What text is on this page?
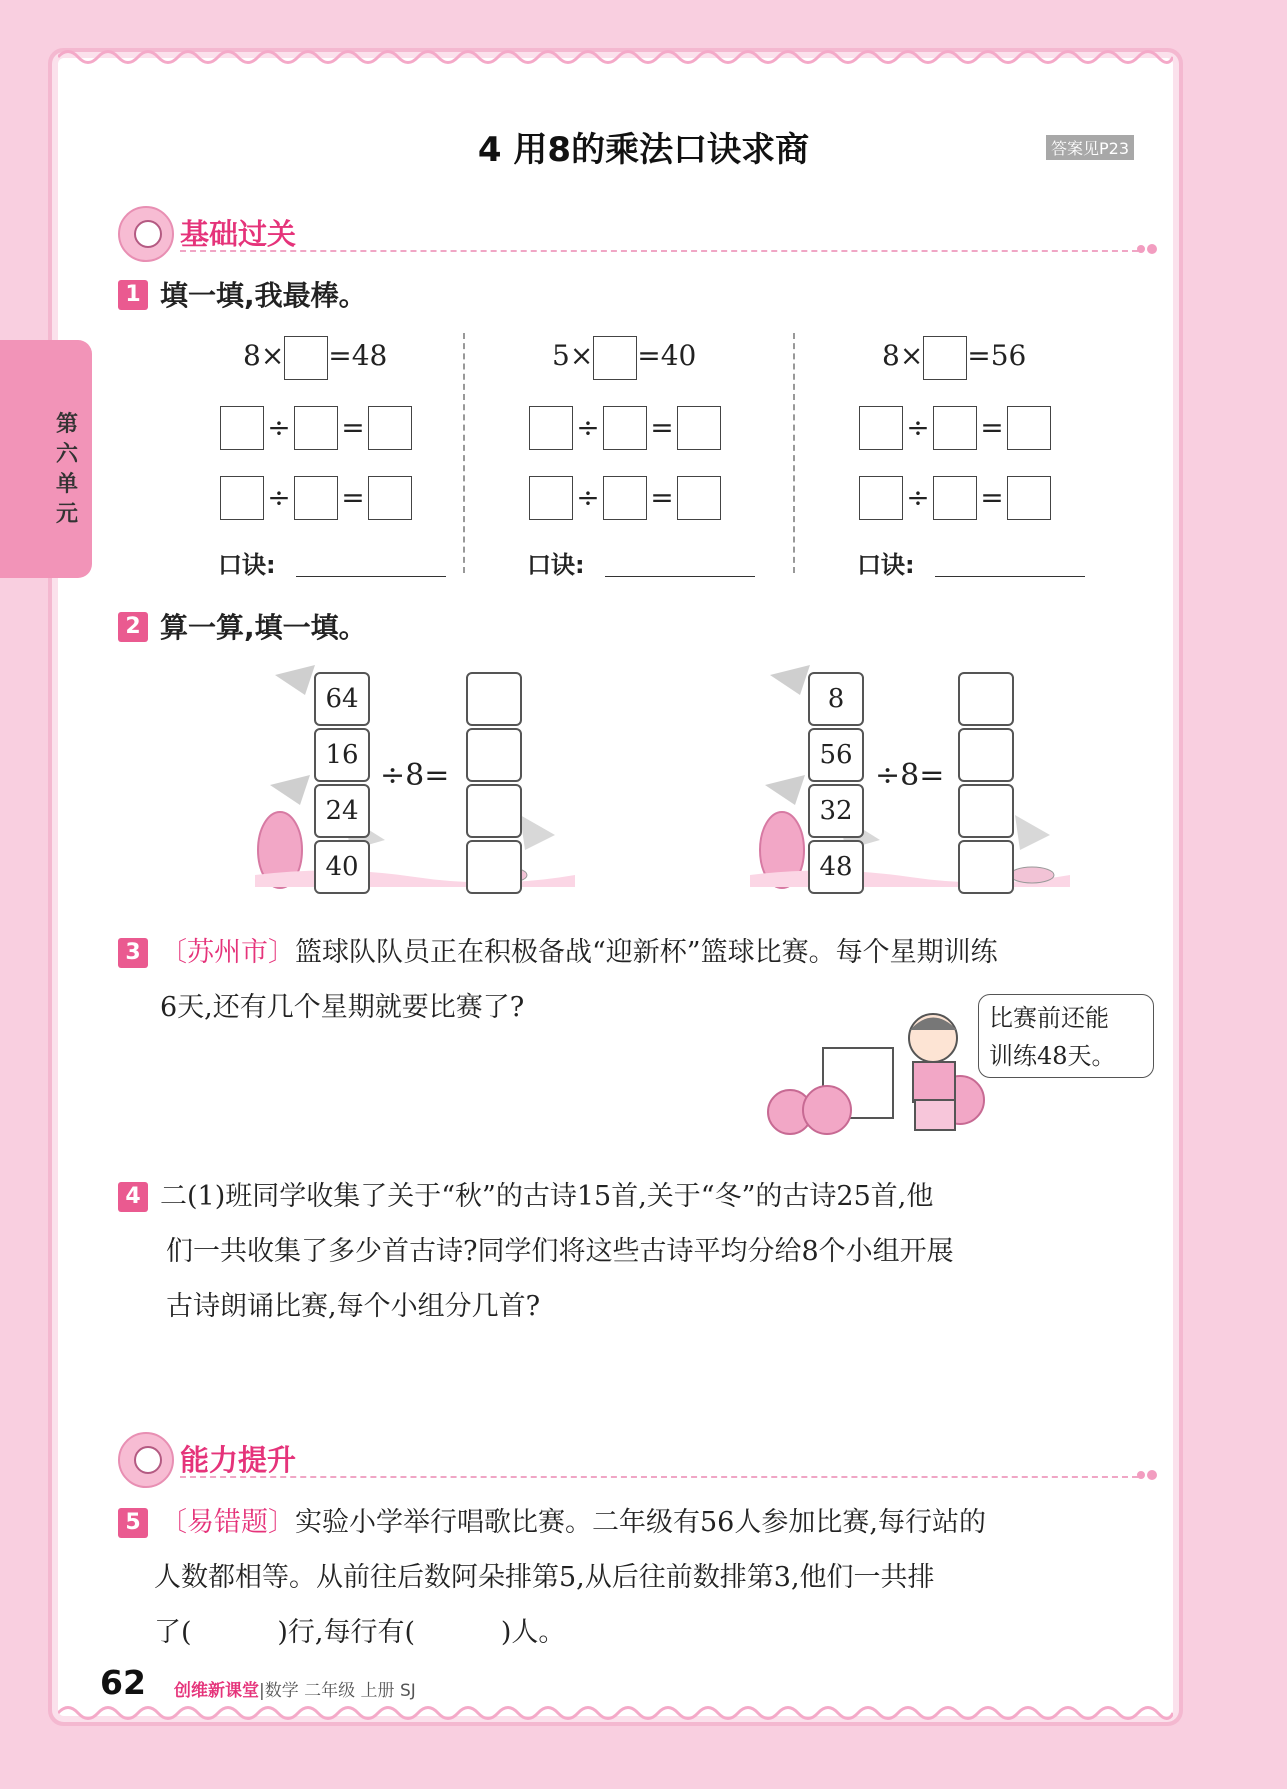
第六单元
4 用8的乘法口诀求商	答案见P23
基础过关
1 填一填,我最棒。
8× =48
÷ =
÷ =
口诀:
5× =40
÷ =
÷ =
口诀:
8× =56
÷ =
÷ =
口诀:
2 算一算,填一填。
64
16
24
40
÷8=
8
56
32
48
÷8=
3 〔苏州市〕篮球队队员正在积极备战“迎新杯”篮球比赛。每个星期训练
6天,还有几个星期就要比赛了?	比赛前还能
训练48天。
4 二(1)班同学收集了关于“秋”的古诗15首,关于“冬”的古诗25首,他
们一共收集了多少首古诗?同学们将这些古诗平均分给8个小组开展
古诗朗诵比赛,每个小组分几首?
能力提升
5 〔易错题〕实验小学举行唱歌比赛。二年级有56人参加比赛,每行站的
人数都相等。从前往后数阿朵排第5,从后往前数排第3,他们一共排
了(          )行,每行有(          )人。
62 创维新课堂|数学 二年级 上册 SJ
